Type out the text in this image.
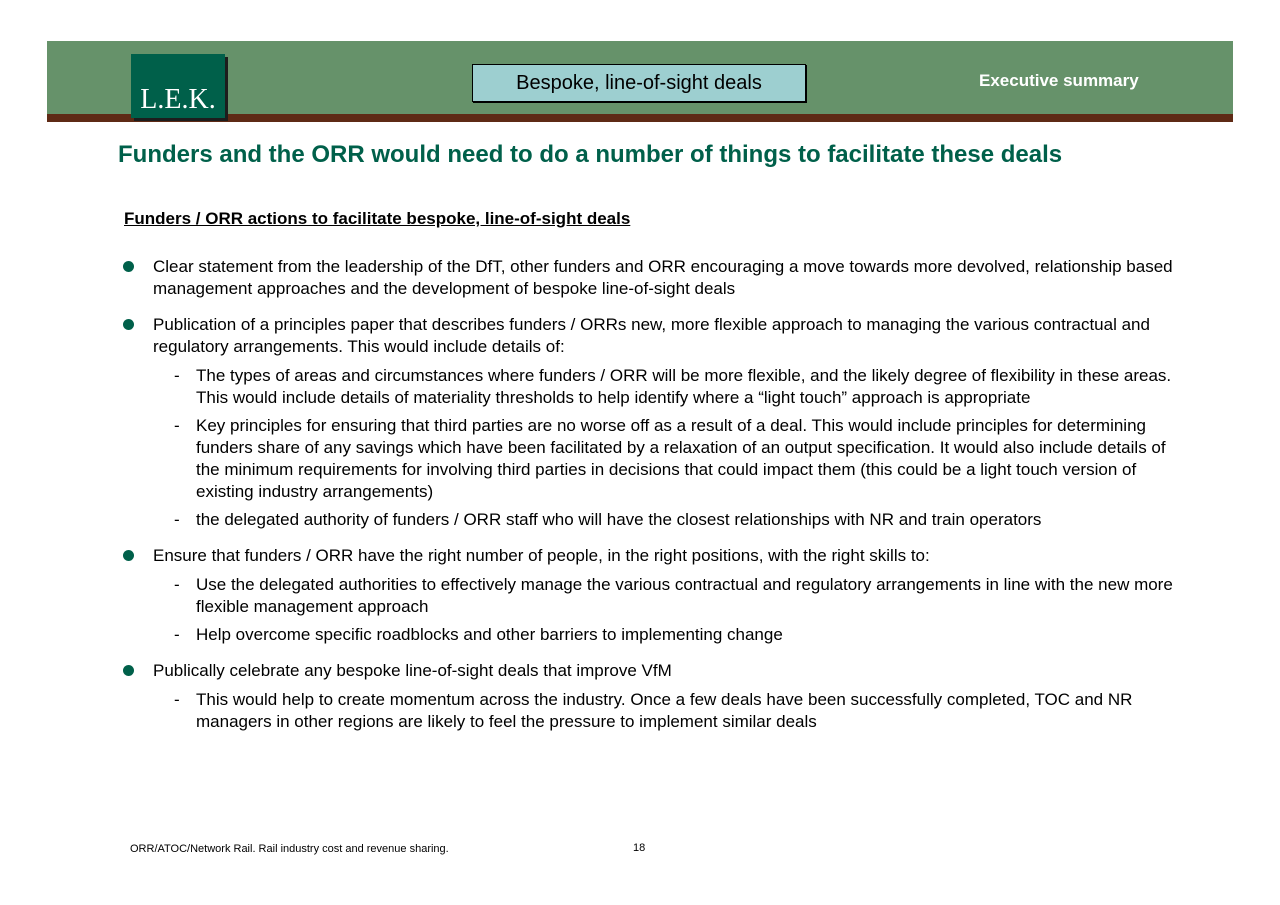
L.E.K.
Bespoke, line-of-sight deals	Executive summary
Funders and the ORR would need to do a number of things to facilitate these deals
Funders / ORR actions to facilitate bespoke, line-of-sight deals
Clear statement from the leadership of the DfT, other funders and ORR encouraging a move towards more devolved, relationship based management approaches and the development of bespoke line-of-sight deals
Publication of a principles paper that describes funders / ORRs new, more flexible approach to managing the various contractual and regulatory arrangements. This would include details of:
- The types of areas and circumstances where funders / ORR will be more flexible, and the likely degree of flexibility in these areas. This would include details of materiality thresholds to help identify where a “light touch” approach is appropriate
- Key principles for ensuring that third parties are no worse off as a result of a deal. This would include principles for determining funders share of any savings which have been facilitated by a relaxation of an output specification. It would also include details of the minimum requirements for involving third parties in decisions that could impact them (this could be a light touch version of existing industry arrangements)
- the delegated authority of funders / ORR staff who will have the closest relationships with NR and train operators
Ensure that funders / ORR have the right number of people, in the right positions, with the right skills to:
- Use the delegated authorities to effectively manage the various contractual and regulatory arrangements in line with the new more flexible management approach
- Help overcome specific roadblocks and other barriers to implementing change
Publically celebrate any bespoke line-of-sight deals that improve VfM
- This would help to create momentum across the industry. Once a few deals have been successfully completed, TOC and NR managers in other regions are likely to feel the pressure to implement similar deals
ORR/ATOC/Network Rail. Rail industry cost and revenue sharing.	18
